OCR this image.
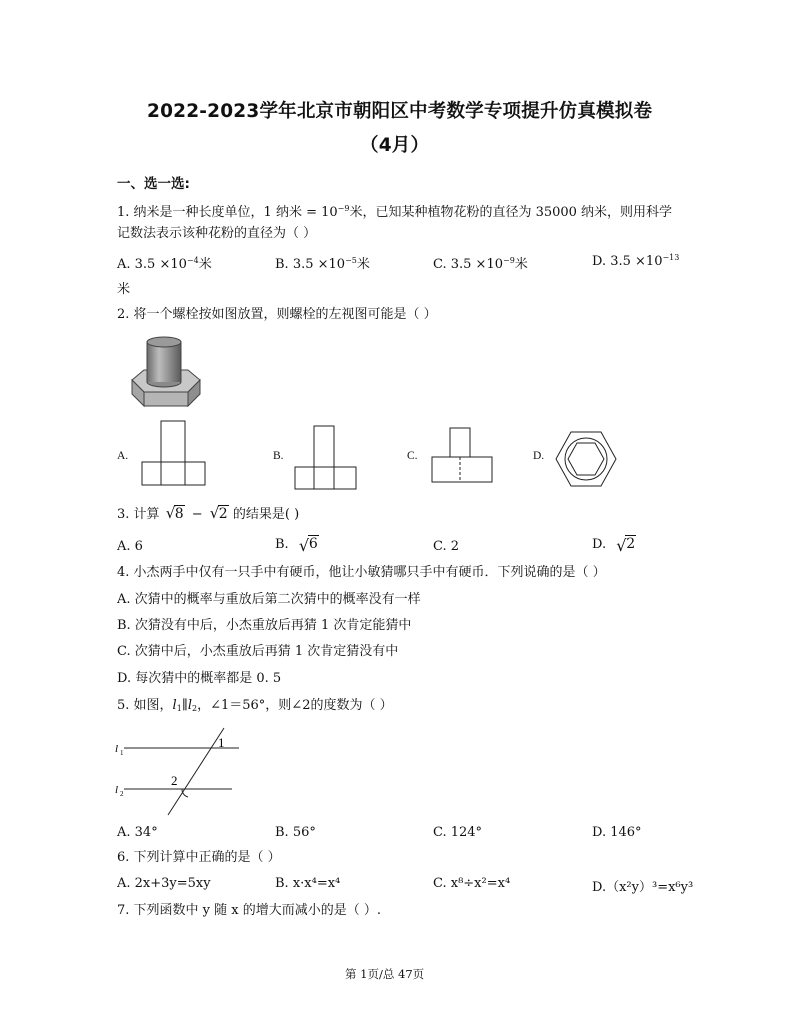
2022-2023学年北京市朝阳区中考数学专项提升仿真模拟卷
（4月）
一、选一选:
1. 纳米是一种长度单位，1 纳米 = $10^{-9}$米，已知某种植物花粉的直径为 35000 纳米，则用科学
记数法表示该种花粉的直径为（ ）
A. $3.5 \times 10^{-4}$米	B. $3.5 \times 10^{-5}$米	C. $3.5 \times 10^{-9}$米	D. $3.5 \times 10^{-13}$
米
2. 将一个螺栓按如图放置，则螺栓的左视图可能是（ ）
A.	B.	C.	D.
3. 计算 √ 8 − √ 2 的结果是( )
A. 6	B. √ 6	C. 2	D. √ 2
4. 小杰两手中仅有一只手中有硬币，他让小敏猜哪只手中有硬币．下列说确的是（ ）
A. 次猜中的概率与重放后第二次猜中的概率没有一样
B. 次猜没有中后，小杰重放后再猜 1 次肯定能猜中
C. 次猜中后，小杰重放后再猜 1 次肯定猜没有中
D. 每次猜中的概率都是 0. 5
5. 如图，$l_1\parallel l_2$，∠1＝56°，则∠2的度数为（ ）
l 1
l 2
1
2
A. 34°	B. 56°	C. 124°	D. 146°
6. 下列计算中正确的是（ ）
A. 2x+3y=5xy	B. x·x⁴=x⁴	C. x⁸÷x²=x⁴	D.（x²y）³=x⁶y³
7. 下列函数中 y 随 x 的增大而减小的是（ ）.
第 1页/总 47页
